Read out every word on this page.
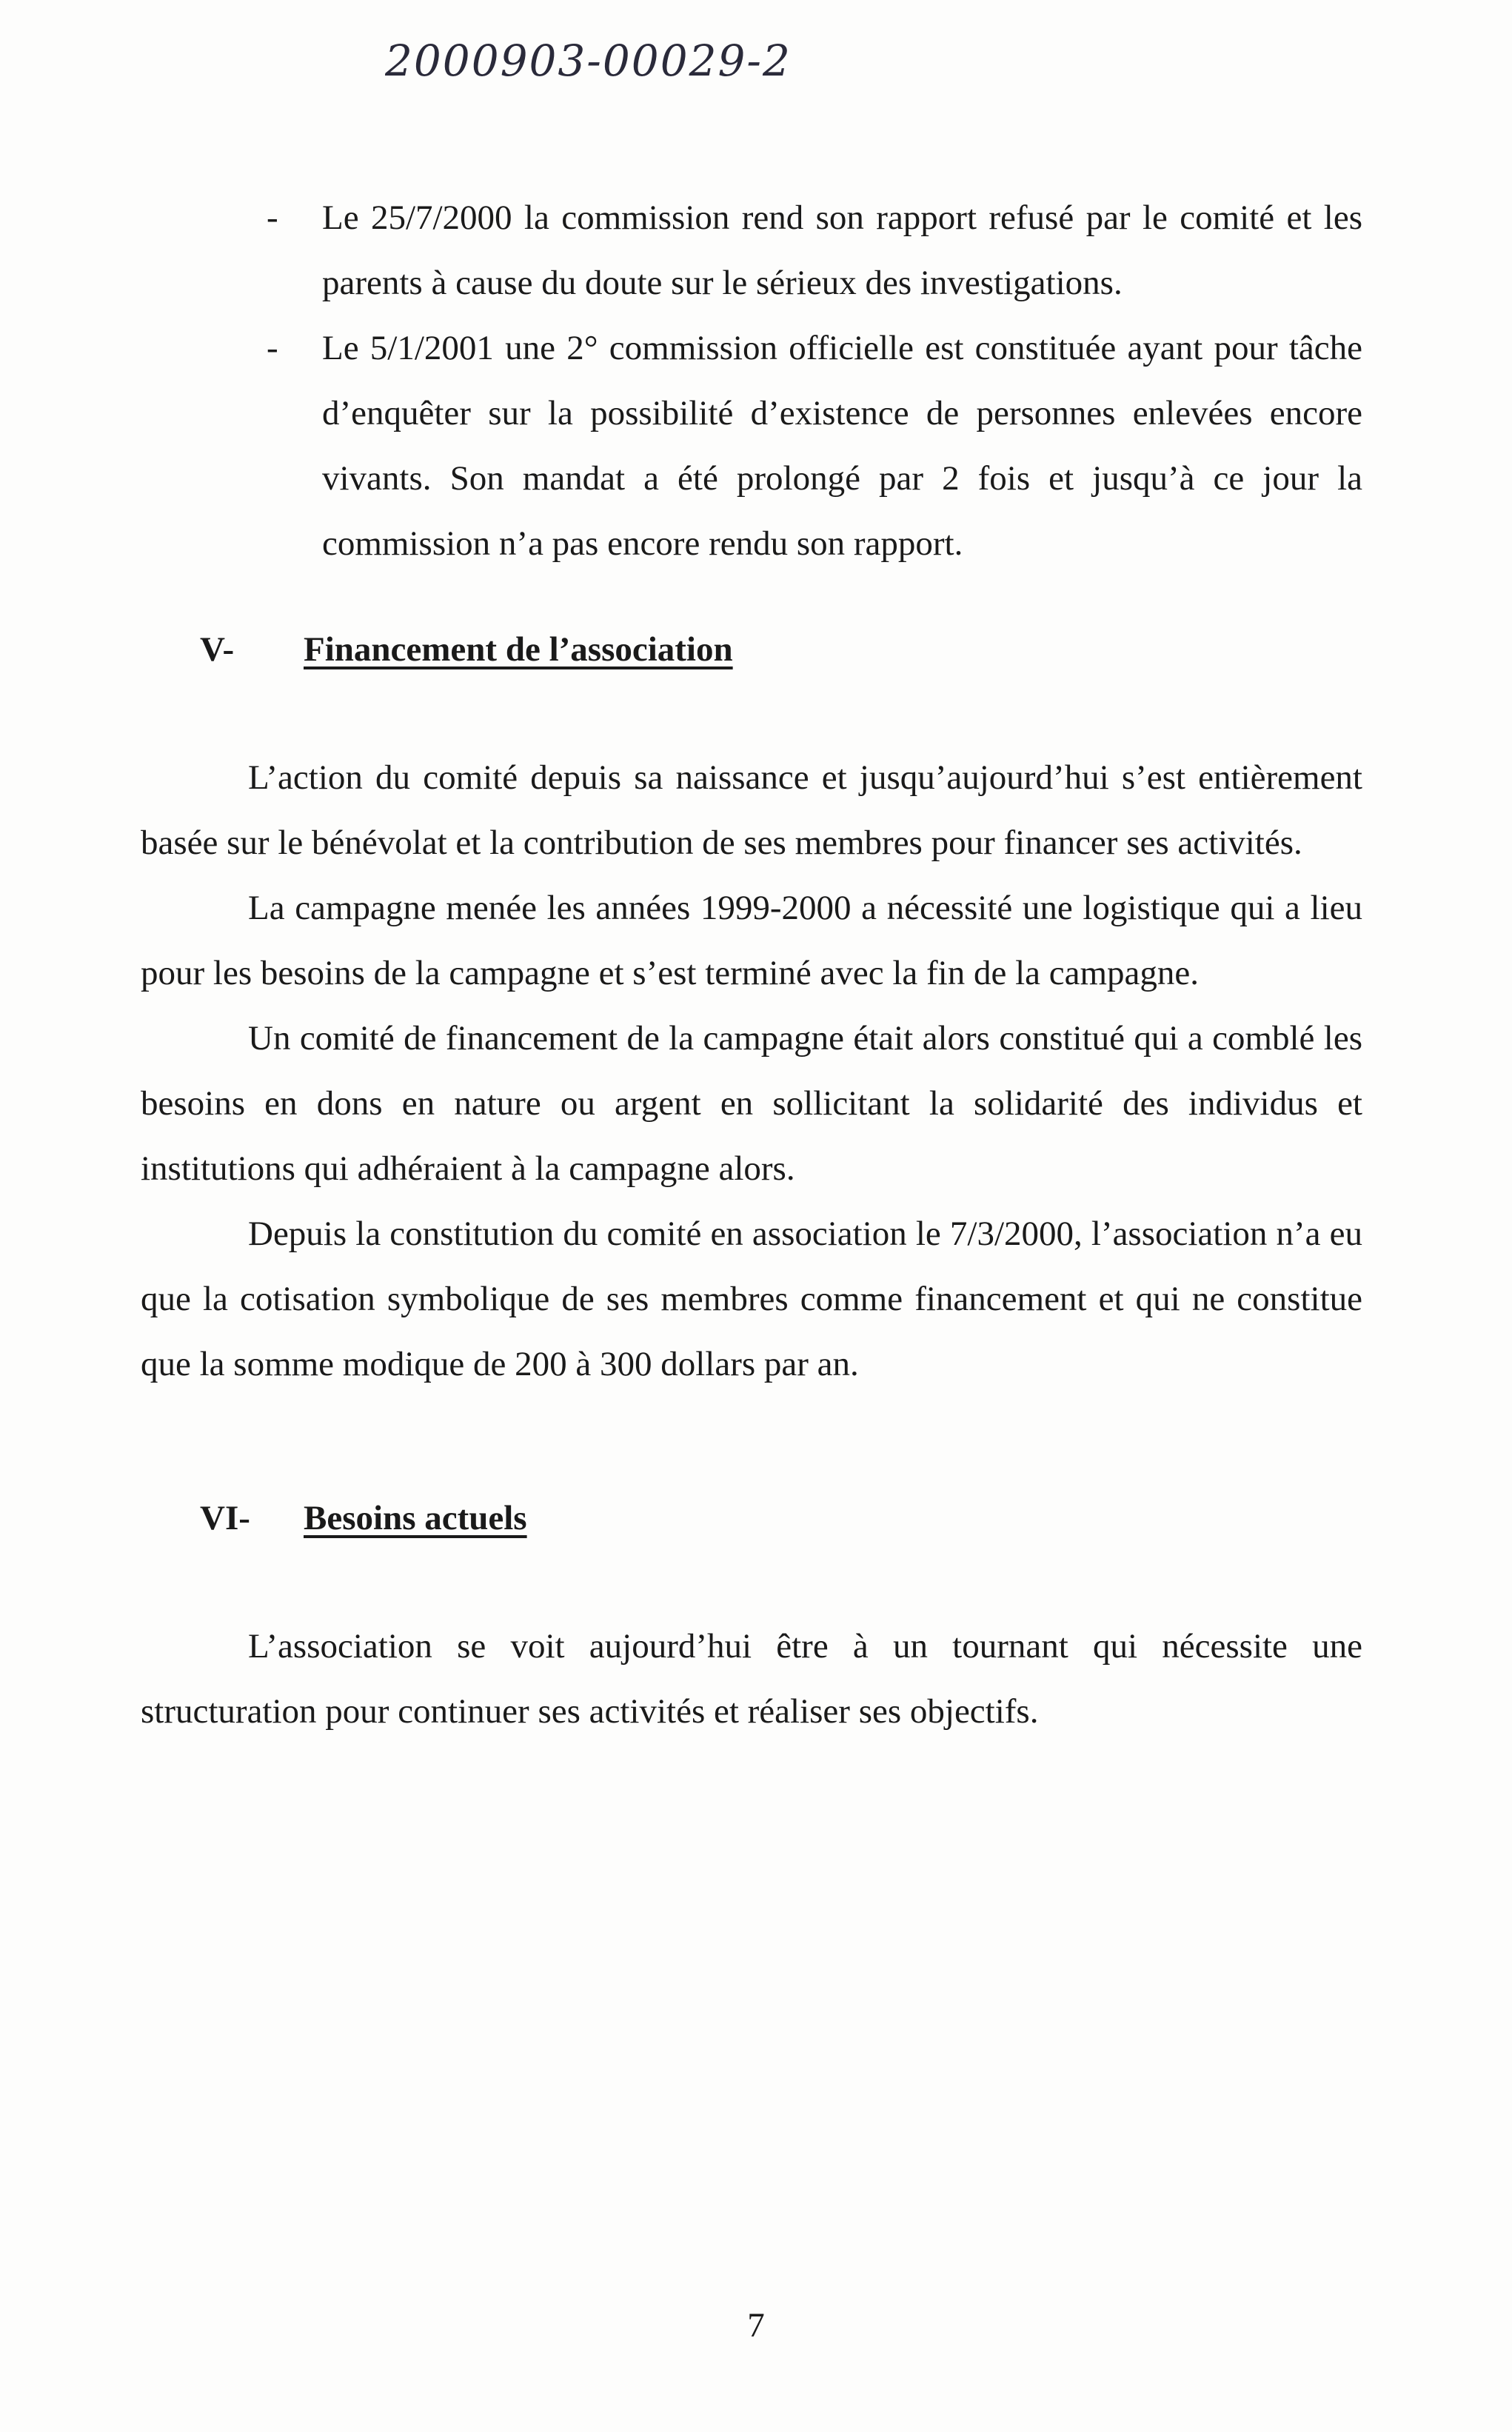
2000903-00029-2
- Le 25/7/2000 la commission rend son rapport refusé par le comité et les parents à cause du doute sur le sérieux des investigations.

- Le 5/1/2001 une 2° commission officielle est constituée ayant pour tâche d’enquêter sur la possibilité d’existence de personnes enlevées encore vivants. Son mandat a été prolongé par 2 fois et jusqu’à ce jour la commission n’a pas encore rendu son rapport.

V- Financement de l’association

L’action du comité depuis sa naissance et jusqu’aujourd’hui s’est entièrement basée sur le bénévolat et la contribution de ses membres pour financer ses activités.

La campagne menée les années 1999-2000 a nécessité une logistique qui a lieu pour les besoins de la campagne et s’est terminé avec la fin de la campagne.

Un comité de financement de la campagne était alors constitué qui a comblé les besoins en dons en nature ou argent en sollicitant la solidarité des individus et institutions qui adhéraient à la campagne alors.

Depuis la constitution du comité en association le 7/3/2000, l’association n’a eu que la cotisation symbolique de ses membres comme financement et qui ne constitue que la somme modique de 200 à 300 dollars par an.

VI- Besoins actuels

L’association se voit aujourd’hui être à un tournant qui nécessite une structuration pour continuer ses activités et réaliser ses objectifs.

7
